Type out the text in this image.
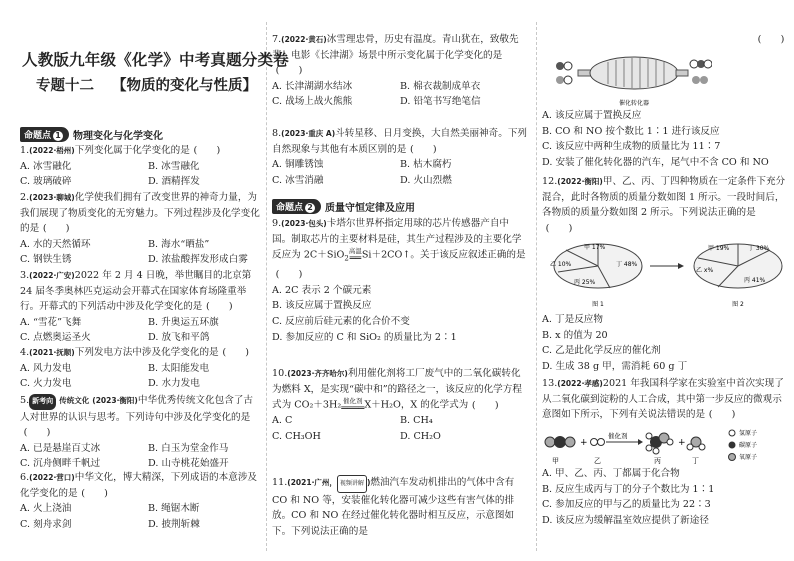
人教版九年级《化学》中考真题分类卷
专题十二 【物质的变化与性质】
命题点 1	物理变化与化学变化
1.(2022·梧州)下列变化属于化学变化的是 (　　)
A. 冰雪融化	B. 冰雪融化
C. 玻璃破碎	D. 酒精挥发
2.(2023·聊城)化学使我们拥有了改变世界的神奇力量，为我们展现了物质变化的无穷魅力。下列过程涉及化学变化的是 (　　)
A. 水的天然循环	B. 海水“晒盐”
C. 钢铁生锈	D. 浓盐酸挥发形成白雾
3.(2022·广安)2022 年 2 月 4 日晚，举世瞩目的北京第 24 届冬季奥林匹克运动会开幕式在国家体育场隆重举行。开幕式的下列活动中涉及化学变化的是 (　　)
A. “雪花”飞舞	B. 升奥运五环旗
C. 点燃奥运圣火	D. 放飞和平鸽
4.(2021·抚顺)下列发电方法中涉及化学变化的是 (　　)
A. 风力发电	B. 太阳能发电
C. 火力发电	D. 水力发电
5. 新考向 传统文化 (2023·衡阳)中华优秀传统文化包含了古人对世界的认识与思考。下列诗句中涉及化学变化的是(　　)
A. 已是悬崖百丈冰	B. 白玉为堂金作马
C. 沉舟侧畔千帆过	D. 山寺桃花始盛开
6.(2022·营口)中华文化，博大精深，下列成语的本意涉及化学变化的是 (　　)
A. 火上浇油	B. 绳锯木断
C. 刻舟求剑	D. 披荆斩棘
7.(2022·黄石)冰雪理忠骨，历史有温度。青山犹在，致敬先辈！电影《长津湖》场景中所示变化属于化学变化的是(　　)
A. 长津湖湖水结冰	B. 棉衣裁制成单衣
C. 战场上战火熊熊	D. 铅笔书写绝笔信
8.(2023·重庆 A)斗转星移、日月变换，大自然美丽神奇。下列自然现象与其他有本质区别的是 (　　)
A. 铜雕锈蚀	B. 枯木腐朽
C. 冰雪消融	D. 火山烈燃
命题点 2	质量守恒定律及应用
9.(2023·包头)卡塔尔世界杯指定用球的芯片传感器产自中国。制取芯片的主要材料是硅，其生产过程涉及的主要化学反应为 2C＋SiO$_2$
高温
══ Si＋2CO↑。关于该反应叙述正确的是(　　)
A. 2C 表示 2 个碳元素
B. 该反应属于置换反应
C. 反应前后硅元素的化合价不变
D. 参加反应的 C 和 SiO₂ 的质量比为 2∶1
10.(2023·齐齐哈尔)利用催化剂将工厂废气中的二氧化碳转化为燃料 X，是实现“碳中和”的路径之一，该反应的化学方程式为 CO₂＋3H₂ 催化剂
════ X＋H₂O，X 的化学式为 (　　)
A. C	B. CH₄
C. CH₃OH	D. CH₂O
11.(2021·广州， 视频讲解 )燃油汽车发动机排出的气体中含有 CO 和 NO 等，安装催化转化器可减少这些有害气体的排放。CO 和 NO 在经过催化转化器时相互反应，示意图如下。下列说法正确的是
(　　)
催化转化器
A. 该反应属于置换反应
B. CO 和 NO 按个数比 1∶1 进行该反应
C. 该反应中两种生成物的质量比为 11∶7
D. 安装了催化转化器的汽车，尾气中不含 CO 和 NO
12.(2022·衡阳)甲、乙、丙、丁四种物质在一定条件下充分混合，此时各物质的质量分数如图 1 所示。一段时间后，各物质的质量分数如图 2 所示。下列说法正确的是(　　)
甲 17%
乙 10%	丁 48%
丙 25%
图 1
甲 19%	丁 30%
乙 x%
丙 41%
图 2
A. 丁是反应物
B. x 的值为 20
C. 乙是此化学反应的催化剂
D. 生成 38 g 甲，需消耗 60 g 丁
13.(2022·孝感)2021 年我国科学家在实验室中首次实现了从二氧化碳到淀粉的人工合成，其中第一步反应的微观示意图如下所示，下列有关说法错误的是 (　　)
+
催化剂
+
甲	乙	丙	丁
氢原子
碳原子
氧原子
A. 甲、乙、丙、丁都属于化合物
B. 反应生成丙与丁的分子个数比为 1∶1
C. 参加反应的甲与乙的质量比为 22∶3
D. 该反应为缓解温室效应提供了新途径
